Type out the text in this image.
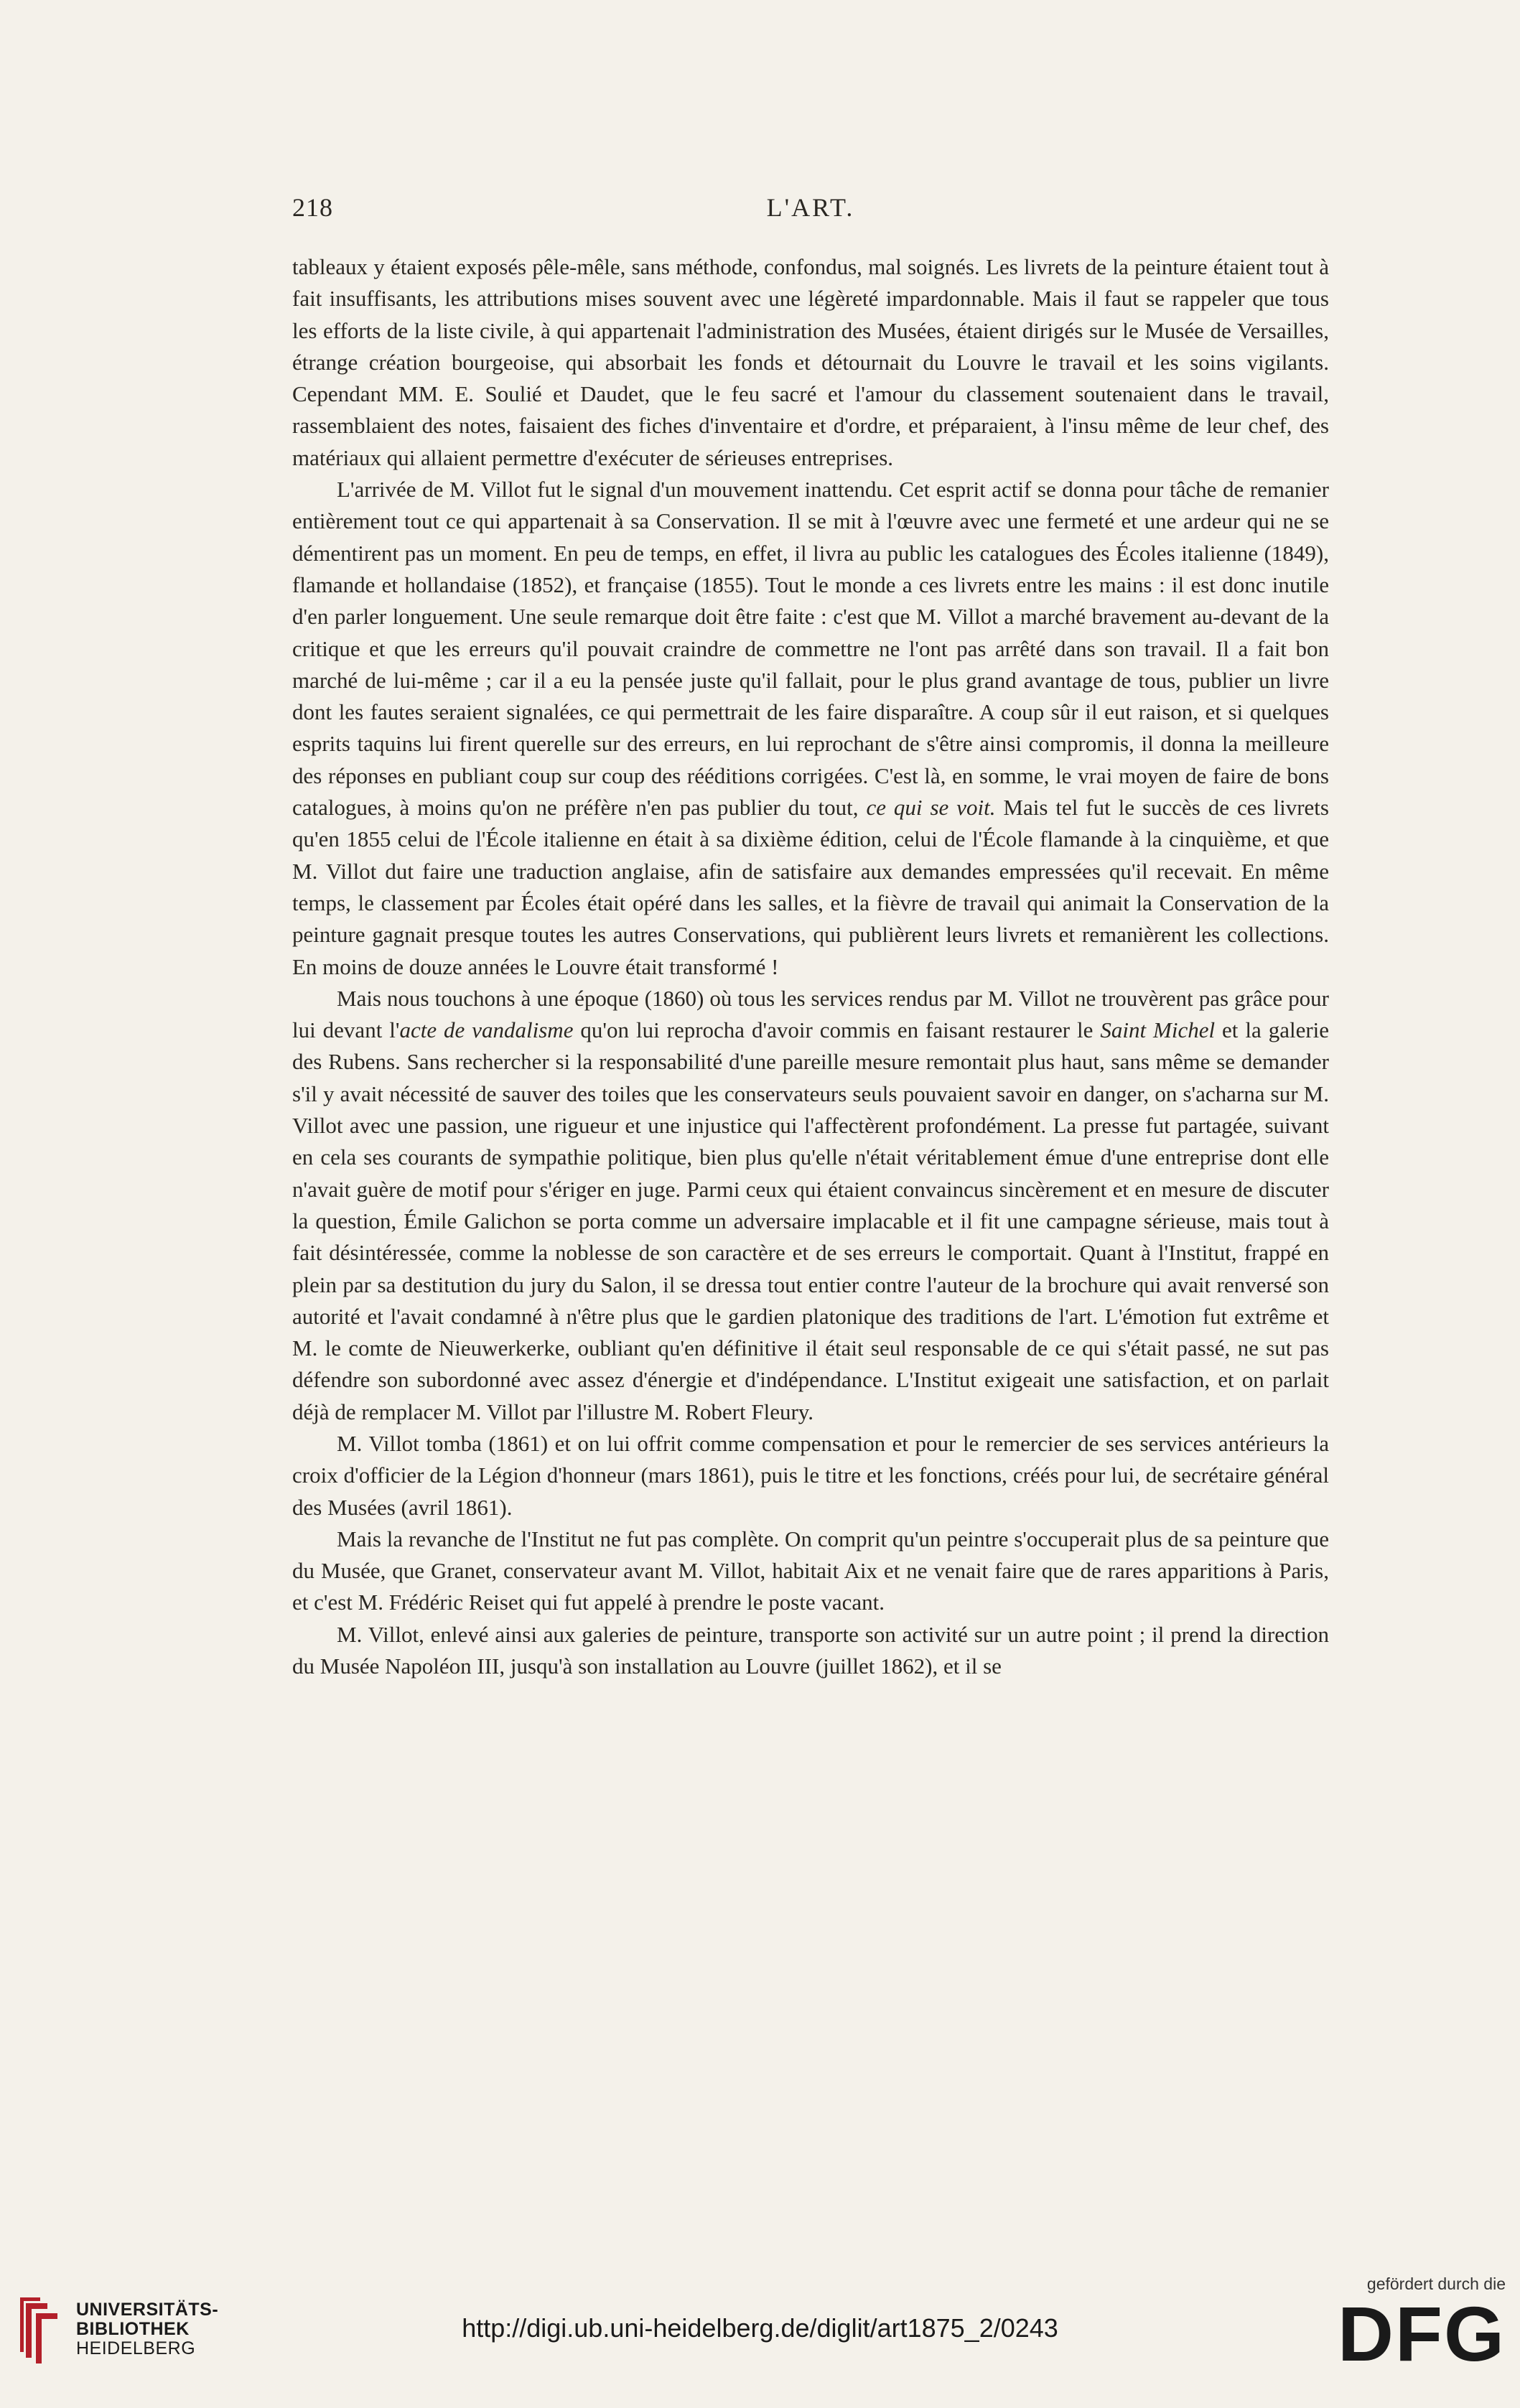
218	L'ART.

tableaux y étaient exposés pêle-mêle, sans méthode, confondus, mal soignés. Les livrets de la peinture étaient tout à fait insuffisants, les attributions mises souvent avec une légèreté impardonnable. Mais il faut se rappeler que tous les efforts de la liste civile, à qui appartenait l'administration des Musées, étaient dirigés sur le Musée de Versailles, étrange création bourgeoise, qui absorbait les fonds et détournait du Louvre le travail et les soins vigilants. Cependant MM. E. Soulié et Daudet, que le feu sacré et l'amour du classement soutenaient dans le travail, rassemblaient des notes, faisaient des fiches d'inventaire et d'ordre, et préparaient, à l'insu même de leur chef, des matériaux qui allaient permettre d'exécuter de sérieuses entreprises.

L'arrivée de M. Villot fut le signal d'un mouvement inattendu. Cet esprit actif se donna pour tâche de remanier entièrement tout ce qui appartenait à sa Conservation. Il se mit à l'œuvre avec une fermeté et une ardeur qui ne se démentirent pas un moment. En peu de temps, en effet, il livra au public les catalogues des Écoles italienne (1849), flamande et hollandaise (1852), et française (1855). Tout le monde a ces livrets entre les mains : il est donc inutile d'en parler longuement. Une seule remarque doit être faite : c'est que M. Villot a marché bravement au-devant de la critique et que les erreurs qu'il pouvait craindre de commettre ne l'ont pas arrêté dans son travail. Il a fait bon marché de lui-même ; car il a eu la pensée juste qu'il fallait, pour le plus grand avantage de tous, publier un livre dont les fautes seraient signalées, ce qui permettrait de les faire disparaître. A coup sûr il eut raison, et si quelques esprits taquins lui firent querelle sur des erreurs, en lui reprochant de s'être ainsi compromis, il donna la meilleure des réponses en publiant coup sur coup des rééditions corrigées. C'est là, en somme, le vrai moyen de faire de bons catalogues, à moins qu'on ne préfère n'en pas publier du tout, ce qui se voit. Mais tel fut le succès de ces livrets qu'en 1855 celui de l'École italienne en était à sa dixième édition, celui de l'École flamande à la cinquième, et que M. Villot dut faire une traduction anglaise, afin de satisfaire aux demandes empressées qu'il recevait. En même temps, le classement par Écoles était opéré dans les salles, et la fièvre de travail qui animait la Conservation de la peinture gagnait presque toutes les autres Conservations, qui publièrent leurs livrets et remanièrent les collections. En moins de douze années le Louvre était transformé !

Mais nous touchons à une époque (1860) où tous les services rendus par M. Villot ne trouvèrent pas grâce pour lui devant l'acte de vandalisme qu'on lui reprocha d'avoir commis en faisant restaurer le Saint Michel et la galerie des Rubens. Sans rechercher si la responsabilité d'une pareille mesure remontait plus haut, sans même se demander s'il y avait nécessité de sauver des toiles que les conservateurs seuls pouvaient savoir en danger, on s'acharna sur M. Villot avec une passion, une rigueur et une injustice qui l'affectèrent profondément. La presse fut partagée, suivant en cela ses courants de sympathie politique, bien plus qu'elle n'était véritablement émue d'une entreprise dont elle n'avait guère de motif pour s'ériger en juge. Parmi ceux qui étaient convaincus sincèrement et en mesure de discuter la question, Émile Galichon se porta comme un adversaire implacable et il fit une campagne sérieuse, mais tout à fait désintéressée, comme la noblesse de son caractère et de ses erreurs le comportait. Quant à l'Institut, frappé en plein par sa destitution du jury du Salon, il se dressa tout entier contre l'auteur de la brochure qui avait renversé son autorité et l'avait condamné à n'être plus que le gardien platonique des traditions de l'art. L'émotion fut extrême et M. le comte de Nieuwerkerke, oubliant qu'en définitive il était seul responsable de ce qui s'était passé, ne sut pas défendre son subordonné avec assez d'énergie et d'indépendance. L'Institut exigeait une satisfaction, et on parlait déjà de remplacer M. Villot par l'illustre M. Robert Fleury.

M. Villot tomba (1861) et on lui offrit comme compensation et pour le remercier de ses services antérieurs la croix d'officier de la Légion d'honneur (mars 1861), puis le titre et les fonctions, créés pour lui, de secrétaire général des Musées (avril 1861).

Mais la revanche de l'Institut ne fut pas complète. On comprit qu'un peintre s'occuperait plus de sa peinture que du Musée, que Granet, conservateur avant M. Villot, habitait Aix et ne venait faire que de rares apparitions à Paris, et c'est M. Frédéric Reiset qui fut appelé à prendre le poste vacant.

M. Villot, enlevé ainsi aux galeries de peinture, transporte son activité sur un autre point ; il prend la direction du Musée Napoléon III, jusqu'à son installation au Louvre (juillet 1862), et il se

UNIVERSITÄTS-
BIBLIOTHEK
HEIDELBERG
http://digi.ub.uni-heidelberg.de/diglit/art1875_2/0243
gefördert durch die
DFG
